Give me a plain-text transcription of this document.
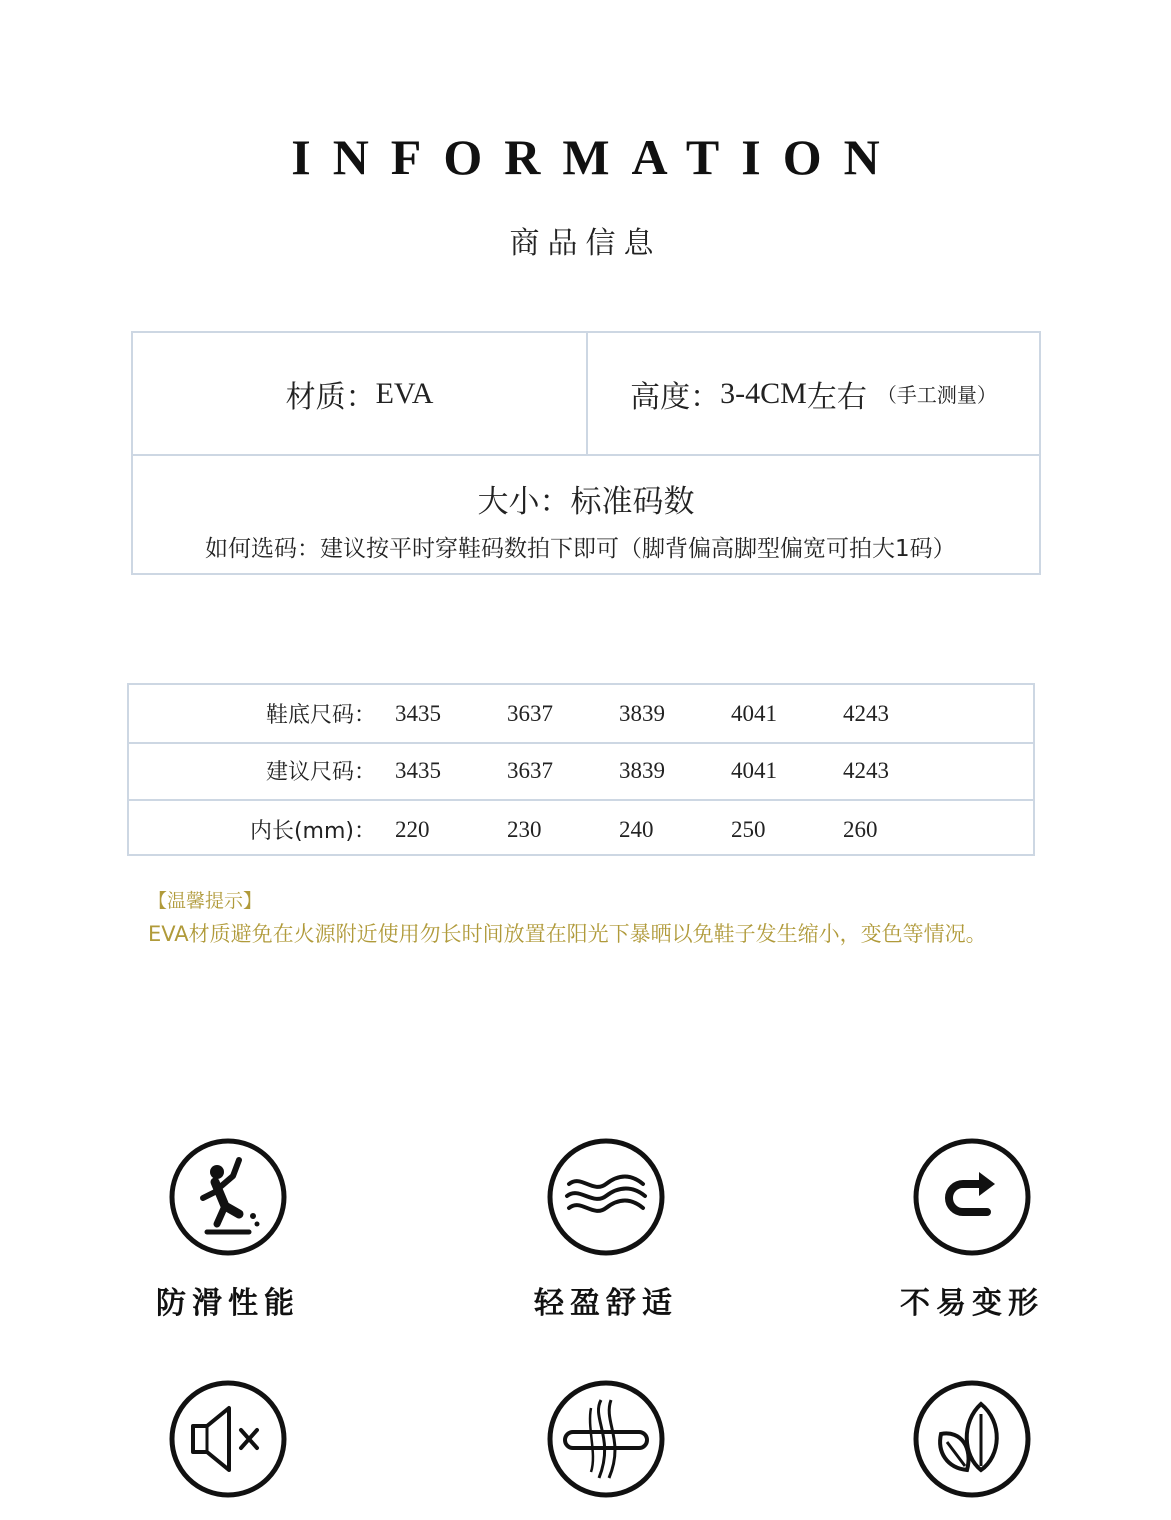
INFORMATION
商品信息
材质： EVA	高度： 3-4CM 左右 （手工测量）
大小：标准码数
如何选码：建议按平时穿鞋码数拍下即可（脚背偏高脚型偏宽可拍大1码）
鞋底尺码： 3435	3637	3839	4041	4243
建议尺码： 3435	3637	3839	4041	4243
内长(mm)： 220	230	240	250	260
【温馨提示】
EVA材质避免在火源附近使用勿长时间放置在阳光下暴晒以免鞋子发生缩小，变色等情况。
防滑性能	轻盈舒适	不易变形
